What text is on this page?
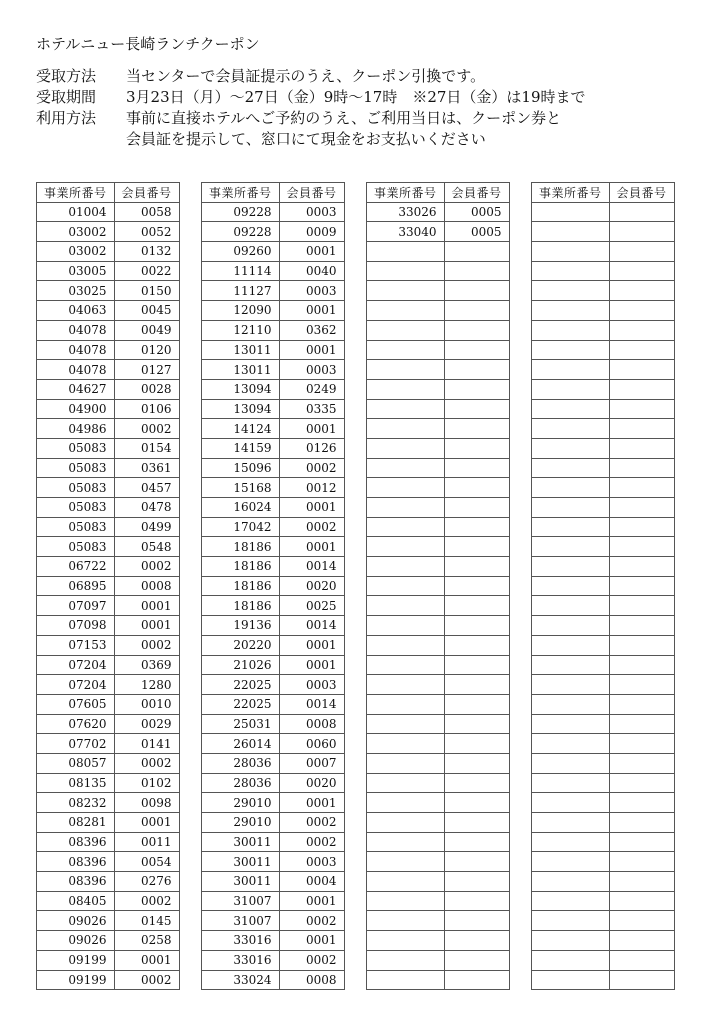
ホテルニュー長崎ランチクーポン
受取方法	当センターで会員証提示のうえ、クーポン引換です。
受取期間	3月23日（月）～27日（金）9時～17時　※27日（金）は19時まで
利用方法	事前に直接ホテルへご予約のうえ、ご利用当日は、クーポン券と
会員証を提示して、窓口にて現金をお支払いください
事業所番号	会員番号
01004	0058
03002	0052
03002	0132
03005	0022
03025	0150
04063	0045
04078	0049
04078	0120
04078	0127
04627	0028
04900	0106
04986	0002
05083	0154
05083	0361
05083	0457
05083	0478
05083	0499
05083	0548
06722	0002
06895	0008
07097	0001
07098	0001
07153	0002
07204	0369
07204	1280
07605	0010
07620	0029
07702	0141
08057	0002
08135	0102
08232	0098
08281	0001
08396	0011
08396	0054
08396	0276
08405	0002
09026	0145
09026	0258
09199	0001
09199	0002
事業所番号	会員番号
09228	0003
09228	0009
09260	0001
11114	0040
11127	0003
12090	0001
12110	0362
13011	0001
13011	0003
13094	0249
13094	0335
14124	0001
14159	0126
15096	0002
15168	0012
16024	0001
17042	0002
18186	0001
18186	0014
18186	0020
18186	0025
19136	0014
20220	0001
21026	0001
22025	0003
22025	0014
25031	0008
26014	0060
28036	0007
28036	0020
29010	0001
29010	0002
30011	0002
30011	0003
30011	0004
31007	0001
31007	0002
33016	0001
33016	0002
33024	0008
事業所番号	会員番号
33026	0005
33040	0005

事業所番号	会員番号
